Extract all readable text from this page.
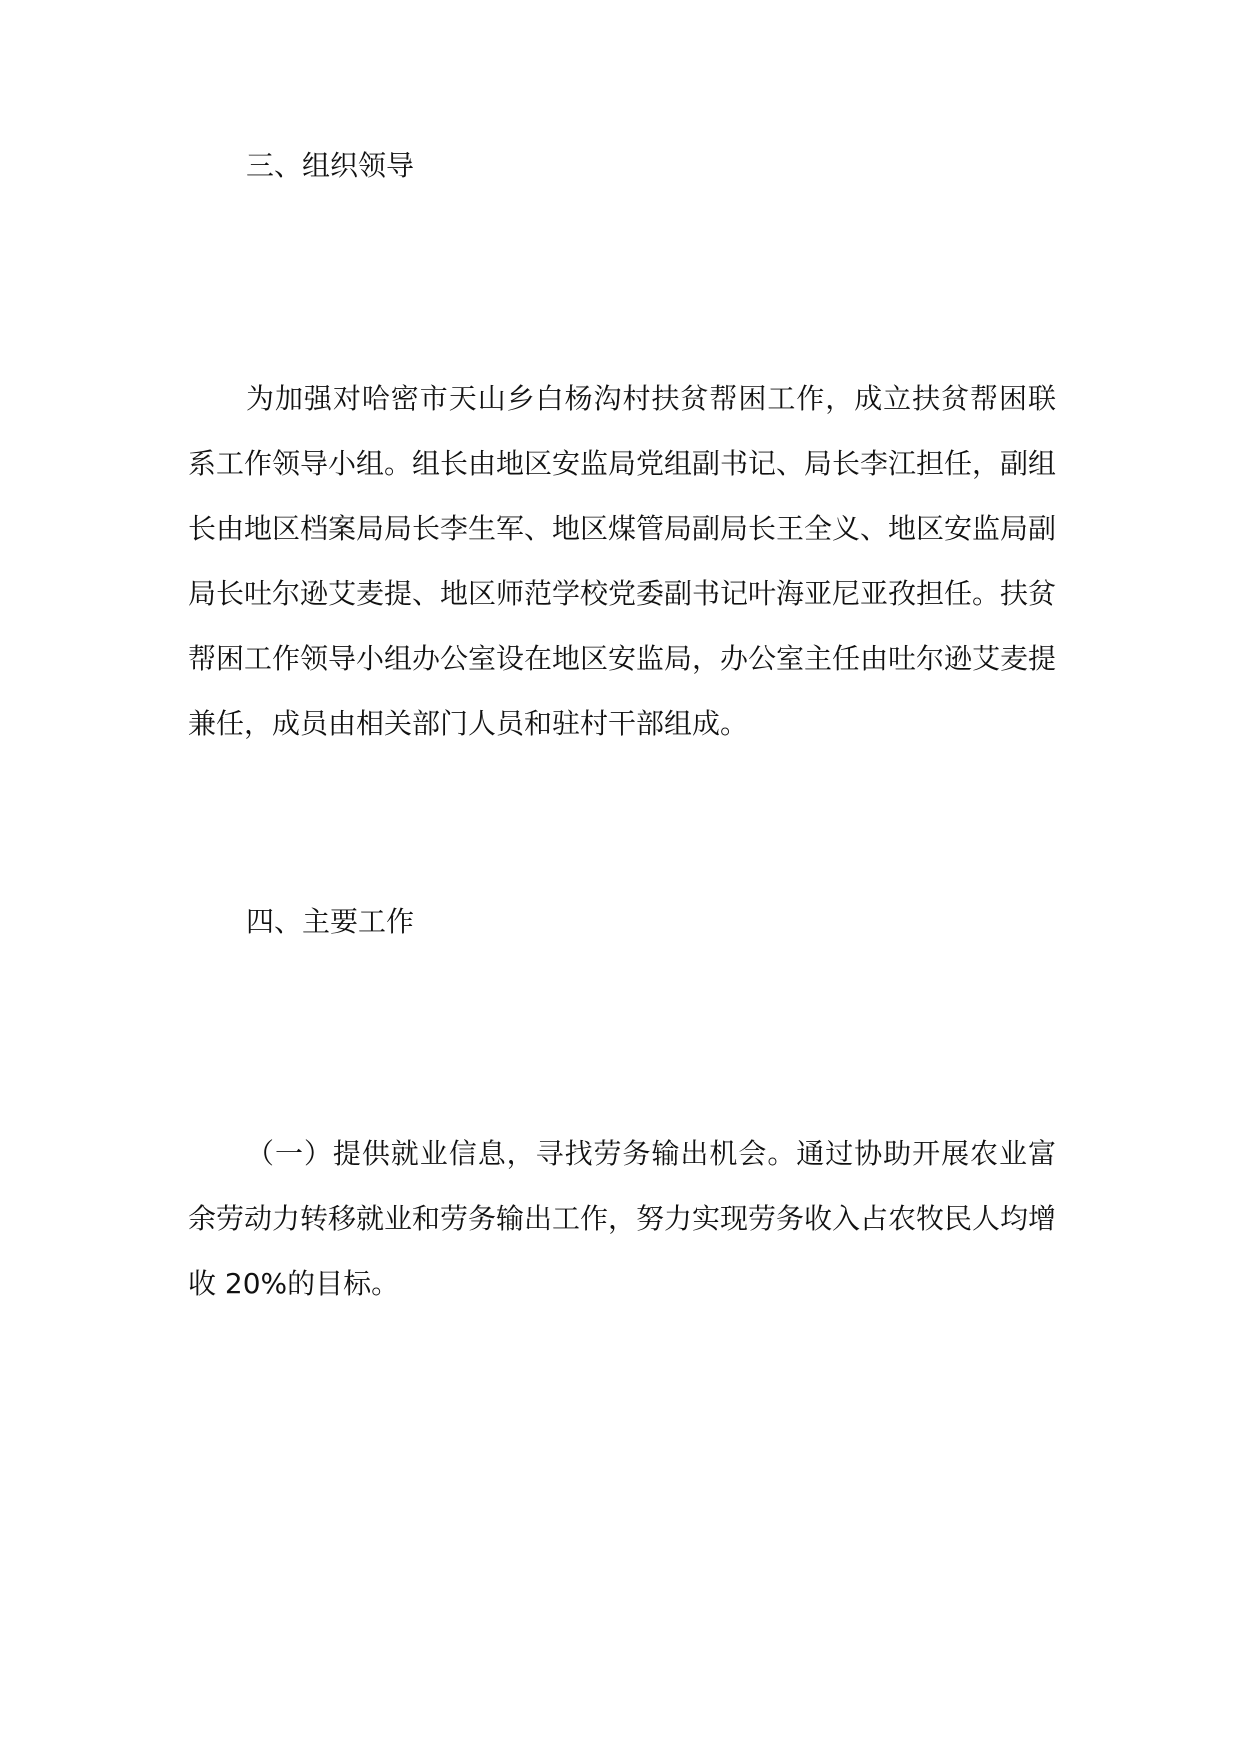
三、组织领导

为加强对哈密市天山乡白杨沟村扶贫帮困工作，成立扶贫帮困联系工作领导小组。组长由地区安监局党组副书记、局长李江担任，副组长由地区档案局局长李生军、地区煤管局副局长王全义、地区安监局副局长吐尔逊艾麦提、地区师范学校党委副书记叶海亚尼亚孜担任。扶贫帮困工作领导小组办公室设在地区安监局，办公室主任由吐尔逊艾麦提兼任，成员由相关部门人员和驻村干部组成。

四、主要工作

（一）提供就业信息，寻找劳务输出机会。通过协助开展农业富余劳动力转移就业和劳务输出工作，努力实现劳务收入占农牧民人均增收 20%的目标。
